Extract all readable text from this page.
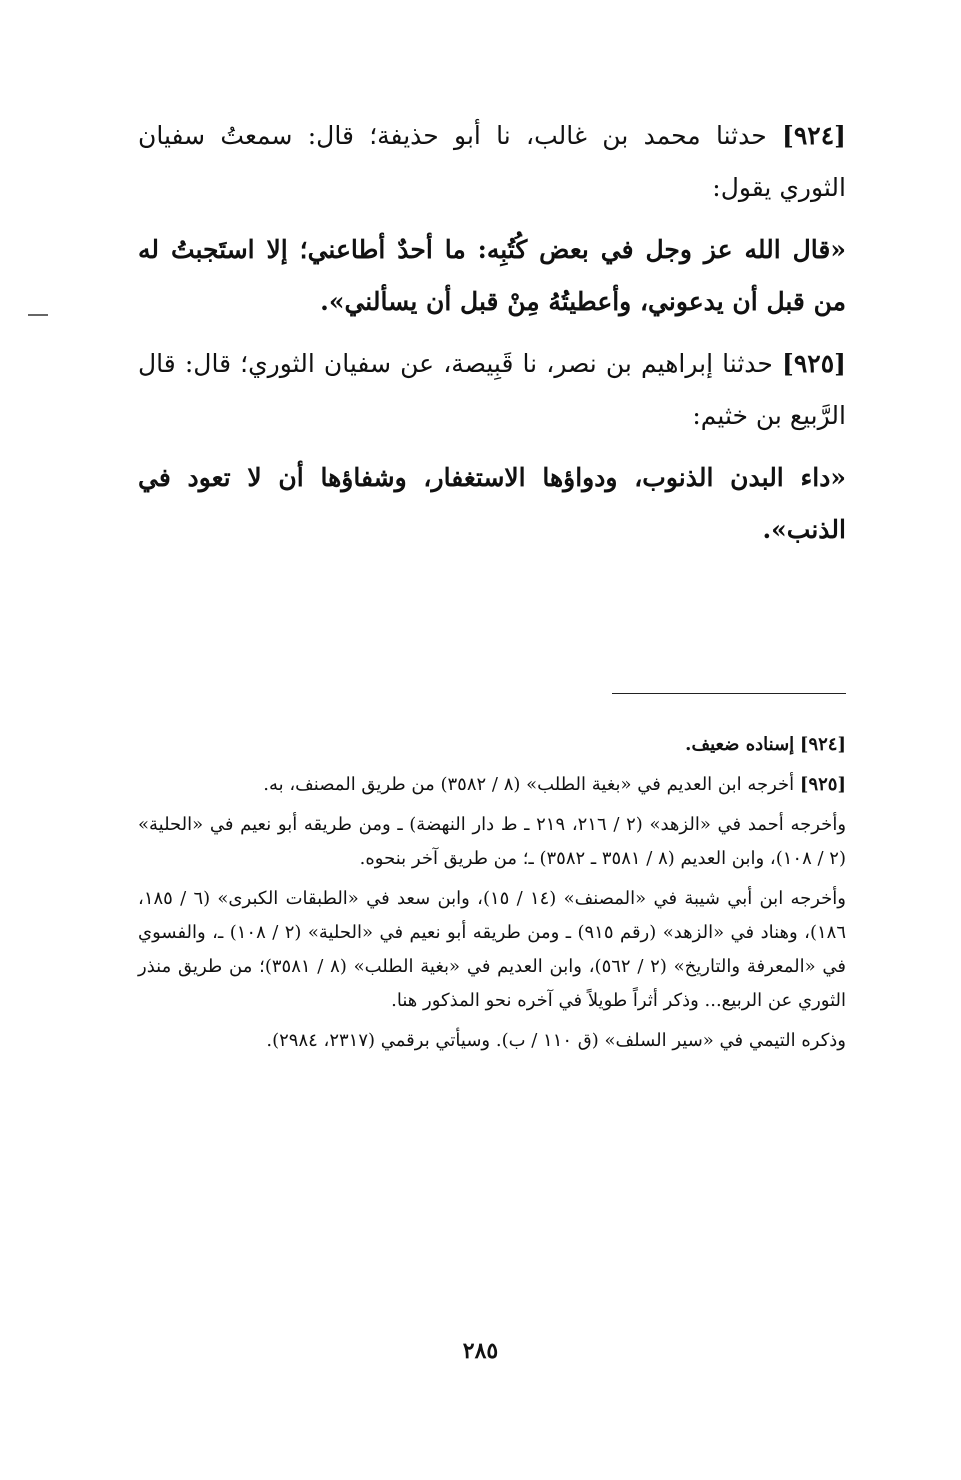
[٩٢٤] حدثنا محمد بن غالب، نا أبو حذيفة؛ قال: سمعتُ سفيان الثوري يقول:

«قال الله عز وجل في بعض كُتُبِه: ما أحدٌ أطاعني؛ إلا استَجبتُ له من قبل أن يدعوني، وأعطيتُهُ مِنْ قبل أن يسألني».

[٩٢٥] حدثنا إبراهيم بن نصر، نا قَبِيصة، عن سفيان الثوري؛ قال: قال الرَّبيع بن خثيم:

«داء البدن الذنوب، ودواؤها الاستغفار، وشفاؤها أن لا تعود في الذنب».

[٩٢٤] إسناده ضعيف.

[٩٢٥] أخرجه ابن العديم في «بغية الطلب» (٨ / ٣٥٨٢) من طريق المصنف، به.

وأخرجه أحمد في «الزهد» (٢ / ٢١٦، ٢١٩ ـ ط دار النهضة) ـ ومن طريقه أبو نعيم في «الحلية» (٢ / ١٠٨)، وابن العديم (٨ / ٣٥٨١ ـ ٣٥٨٢) ـ؛ من طريق آخر بنحوه.

وأخرجه ابن أبي شيبة في «المصنف» (١٤ / ١٥)، وابن سعد في «الطبقات الكبرى» (٦ / ١٨٥، ١٨٦)، وهناد في «الزهد» (رقم ٩١٥) ـ ومن طريقه أبو نعيم في «الحلية» (٢ / ١٠٨) ـ، والفسوي في «المعرفة والتاريخ» (٢ / ٥٦٢)، وابن العديم في «بغية الطلب» (٨ / ٣٥٨١)؛ من طريق منذر الثوري عن الربيع... وذكر أثراً طويلاً في آخره نحو المذكور هنا.

وذكره التيمي في «سير السلف» (ق ١١٠ / ب). وسيأتي برقمي (٢٣١٧، ٢٩٨٤).

٢٨٥
